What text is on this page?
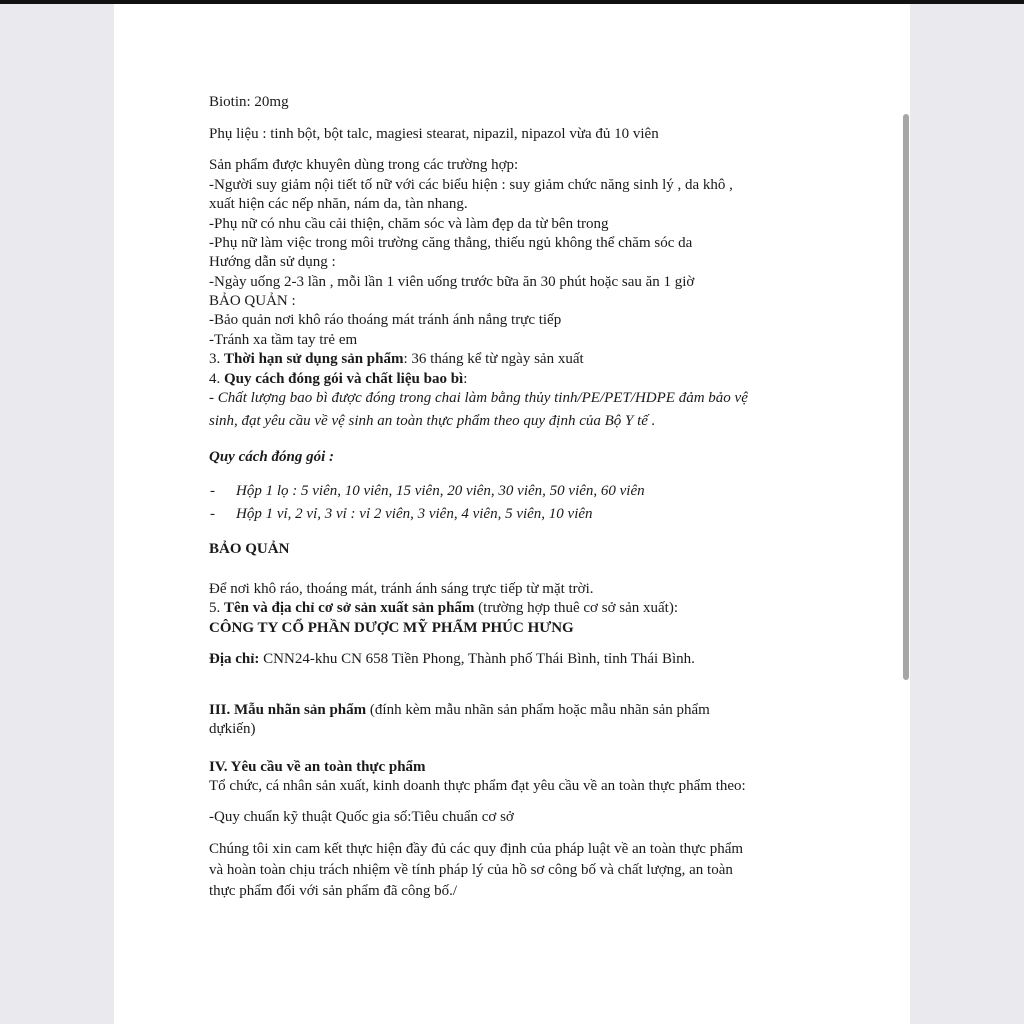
Biotin: 20mg

Phụ liệu : tinh bột, bột talc, magiesi stearat, nipazil, nipazol vừa đủ 10 viên

Sản phẩm được khuyên dùng trong các trường hợp:

-Người suy giảm nội tiết tố nữ với các biểu hiện : suy giảm chức năng sinh lý , da khô ,

xuất hiện các nếp nhăn, nám da, tàn nhang.

-Phụ nữ có nhu cầu cải thiện, chăm sóc và làm đẹp da từ bên trong

-Phụ nữ làm việc trong môi trường căng thẳng, thiếu ngủ không thể chăm sóc da

Hướng dẫn sử dụng :

-Ngày uống 2-3 lần , mỗi lần 1 viên uống trước bữa ăn 30 phút hoặc sau ăn 1 giờ

BẢO QUẢN :

-Bảo quản nơi khô ráo thoáng mát tránh ánh nắng trực tiếp

-Tránh xa tầm tay trẻ em

3. Thời hạn sử dụng sản phẩm: 36 tháng kể từ ngày sản xuất

4. Quy cách đóng gói và chất liệu bao bì:

- Chất lượng bao bì được đóng trong chai làm bằng thủy tinh/PE/PET/HDPE đảm bảo vệ

sinh, đạt yêu cầu về vệ sinh an toàn thực phẩm theo quy định của Bộ Y tế .

Quy cách đóng gói :

- Hộp 1 lọ : 5 viên, 10 viên, 15 viên, 20 viên, 30 viên, 50 viên, 60 viên

- Hộp 1 vỉ, 2 vỉ, 3 vỉ : vỉ 2 viên, 3 viên, 4 viên, 5 viên, 10 viên

BẢO QUẢN

Để nơi khô ráo, thoáng mát, tránh ánh sáng trực tiếp từ mặt trời.

5. Tên và địa chỉ cơ sở sản xuất sản phẩm (trường hợp thuê cơ sở sản xuất):

CÔNG TY CỔ PHẦN DƯỢC MỸ PHẨM PHÚC HƯNG

Địa chỉ: CNN24-khu CN 658 Tiền Phong, Thành phố Thái Bình, tỉnh Thái Bình.

III. Mẫu nhãn sản phẩm (đính kèm mẫu nhãn sản phẩm hoặc mẫu nhãn sản phẩm

dựkiến)

IV. Yêu cầu về an toàn thực phẩm

Tổ chức, cá nhân sản xuất, kinh doanh thực phẩm đạt yêu cầu về an toàn thực phẩm theo:

-Quy chuẩn kỹ thuật Quốc gia số:Tiêu chuẩn cơ sở

Chúng tôi xin cam kết thực hiện đầy đủ các quy định của pháp luật về an toàn thực phẩm

và hoàn toàn chịu trách nhiệm về tính pháp lý của hồ sơ công bố và chất lượng, an toàn

thực phẩm đối với sản phẩm đã công bố./
